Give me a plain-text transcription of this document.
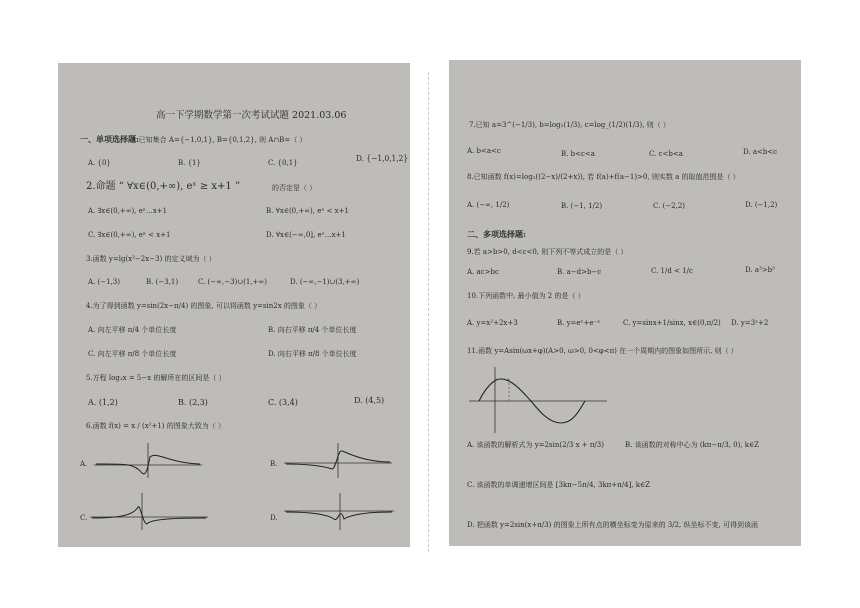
高一下学期数学第一次考试试题 2021.03.06
一、单项选择题:
1.已知集合 A={−1,0,1}, B={0,1,2}, 则 A∩B=（ ）
A. {0}	B. {1}	C. {0,1}	D. {−1,0,1,2}
2.命题 “ ∀x∈(0,+∞), eˣ ≥ x+1 ”	的否定是（ ）
A. ∃x∈(0,+∞), eˣ…x+1	B. ∀x∈(0,+∞), eˣ < x+1
C. ∃x∈(0,+∞), eˣ < x+1	D. ∀x∈(−∞,0], eˣ…x+1
3.函数 y=lg(x²−2x−3) 的定义域为（ ）
A. (−1,3)	B. (−3,1)	C. (−∞,−3)∪(1,+∞)	D. (−∞,−1)∪(3,+∞)
4.为了得到函数 y=sin(2x−π/4) 的图象, 可以将函数 y=sin2x 的图象（ ）
A. 向左平移 π/4 个单位长度	B. 向右平移 π/4 个单位长度
C. 向左平移 π/8 个单位长度	D. 向右平移 π/8 个单位长度
5.方程 log₂x = 5−x 的解所在的区间是（ ）
A. (1,2)	B. (2,3)	C. (3,4)	D. (4,5)
6.函数 f(x) = x / (x²+1) 的图象大致为（ ）
A.	B.
C.	D.
7.已知 a=3^(−1/3), b=log₂(1/3), c=log_(1/2)(1/3), 则（ ）
A. b<a<c	B. b<c<a	C. c<b<a	D. a<b<c
8.已知函数 f(x)=log₂((2−x)/(2+x)), 若 f(a)+f(a−1)>0, 则实数 a 的取值范围是（ ）
A. (−∞, 1/2)	B. (−1, 1/2)	C. (−2,2)	D. (−1,2)
二、多项选择题:
9.若 a>b>0, d<c<0, 则下列不等式成立的是（ ）
A. ac>bc	B. a−d>b−c	C. 1/d < 1/c	D. a³>b³
10.下列函数中, 最小值为 2 的是（ ）
A. y=x²+2x+3	B. y=eˣ+e⁻ˣ	C. y=sinx+1/sinx, x∈(0,π/2) D. y=3ˣ+2
11.函数 y=Asin(ωx+φ)(A>0, ω>0, 0<φ<π) 在一个周期内的图象如图所示, 则（ ）
A. 该函数的解析式为 y=2sin(2/3 x + π/3)	B. 该函数的对称中心为 (kπ−π/3, 0), k∈Z
C. 该函数的单调递增区间是 [3kπ−5π/4, 3kπ+π/4], k∈Z
D. 把函数 y=2sin(x+π/3) 的图象上所有点的横坐标变为原来的 3/2, 纵坐标不变, 可得到该函
